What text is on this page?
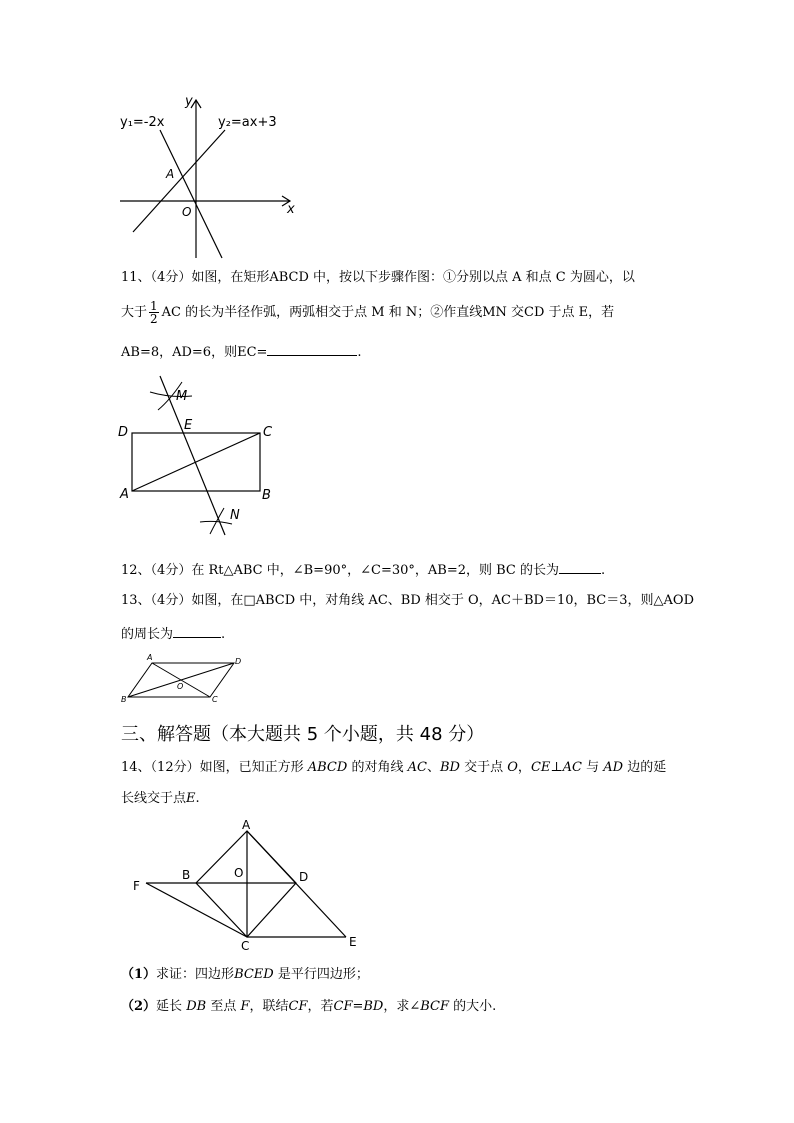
y₁=-2x	y₂=ax+3
y
x
A
O
11、（4分）如图，在矩形ABCD 中，按以下步骤作图：①分别以点 A 和点 C 为圆心，以
大于 $\frac{1}{2}$ AC 的长为半径作弧，两弧相交于点 M 和 N；②作直线MN 交CD 于点 E，若
AB=8，AD=6，则EC=	.
M
N
E
D	C
A	B
12、（4分）在 Rt△ABC 中，∠B=90°，∠C=30°，AB=2，则 BC 的长为	.
13、（4分）如图，在□ABCD 中，对角线 AC、BD 相交于 O，AC＋BD＝10，BC＝3，则△AOD
的周长为	.
A	D
O
B	C
三、解答题（本大题共 5 个小题，共 48 分）
14、（12分）如图，已知正方形 ABCD 的对角线 AC、BD 交于点 O，CE⊥AC 与 AD 边的延
长线交于点E.
A
B	O	D
F
C	E
（1）求证：四边形BCED 是平行四边形；
（2）延长 DB 至点 F，联结CF，若CF=BD，求∠BCF 的大小.
